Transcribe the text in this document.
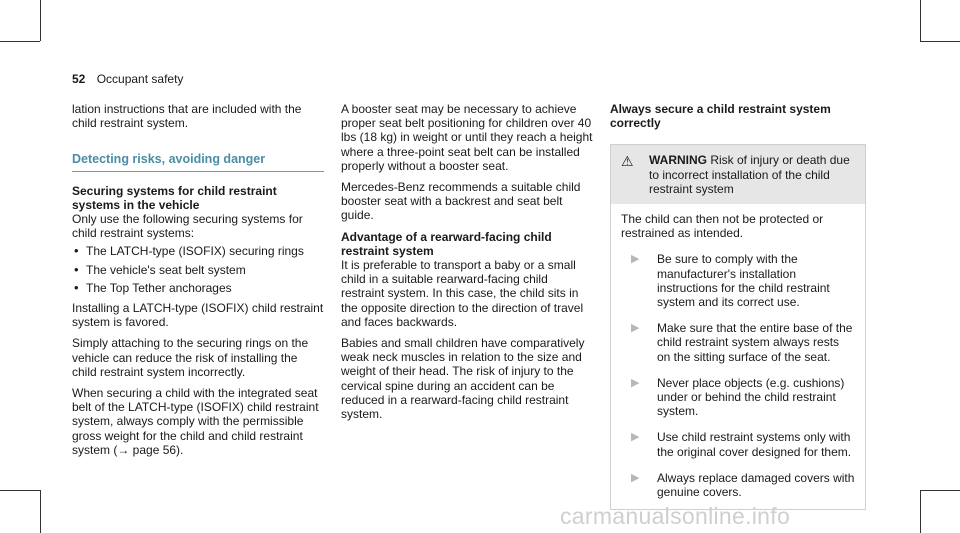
52 Occupant safety

lation instructions that are included with the child restraint system.

Detecting risks, avoiding danger
Securing systems for child restraint systems in the vehicle

Only use the following securing systems for child restraint systems:

• The LATCH-type (ISOFIX) securing rings
• The vehicle's seat belt system
• The Top Tether anchorages

Installing a LATCH-type (ISOFIX) child restraint system is favored.

Simply attaching to the securing rings on the vehicle can reduce the risk of installing the child restraint system incorrectly.

When securing a child with the integrated seat belt of the LATCH-type (ISOFIX) child restraint system, always comply with the permissible gross weight for the child and child restraint system (→ page 56).

A booster seat may be necessary to achieve proper seat belt positioning for children over 40 lbs (18 kg) in weight or until they reach a height where a three-point seat belt can be installed properly without a booster seat.

Mercedes-Benz recommends a suitable child booster seat with a backrest and seat belt guide.

Advantage of a rearward-facing child restraint system

It is preferable to transport a baby or a small child in a suitable rearward-facing child restraint system. In this case, the child sits in the opposite direction to the direction of travel and faces backwards.

Babies and small children have comparatively weak neck muscles in relation to the size and weight of their head. The risk of injury to the cervical spine during an accident can be reduced in a rearward-facing child restraint system.

Always secure a child restraint system correctly
⚠	WARNING Risk of injury or death due to incorrect installation of the child restraint system

The child can then not be protected or restrained as intended.

▶	Be sure to comply with the manufacturer's installation instructions for the child restraint system and its correct use.
▶	Make sure that the entire base of the child restraint system always rests on the sitting surface of the seat.
▶	Never place objects (e.g. cushions) under or behind the child restraint system.
▶	Use child restraint systems only with the original cover designed for them.
▶	Always replace damaged covers with genuine covers.
carmanualsonline.info
